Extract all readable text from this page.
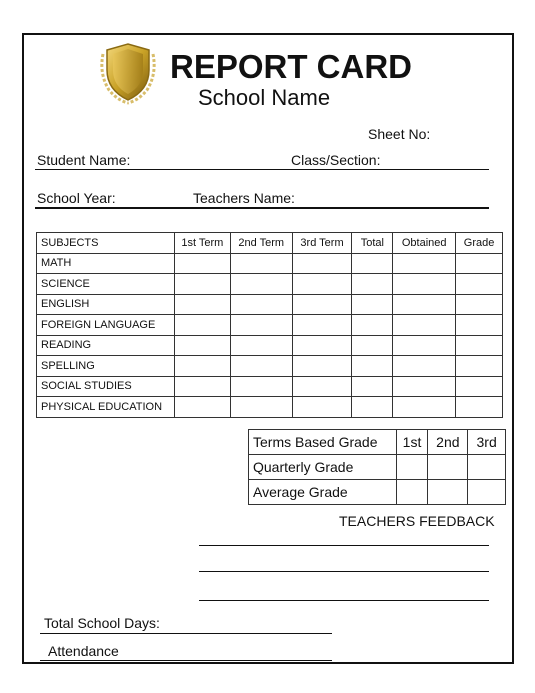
REPORT CARD
School Name
Sheet No:
Student Name:	Class/Section:
School Year:	Teachers Name:
SUBJECTS	1st Term	2nd Term	3rd Term	Total	Obtained	Grade
MATH						
SCIENCE						
ENGLISH						
FOREIGN LANGUAGE						
READING						
SPELLING						
SOCIAL STUDIES						
PHYSICAL EDUCATION						
Terms Based Grade	1st	2nd	3rd
Quarterly Grade			
Average Grade			
TEACHERS FEEDBACK
Total School Days:
Attendance
